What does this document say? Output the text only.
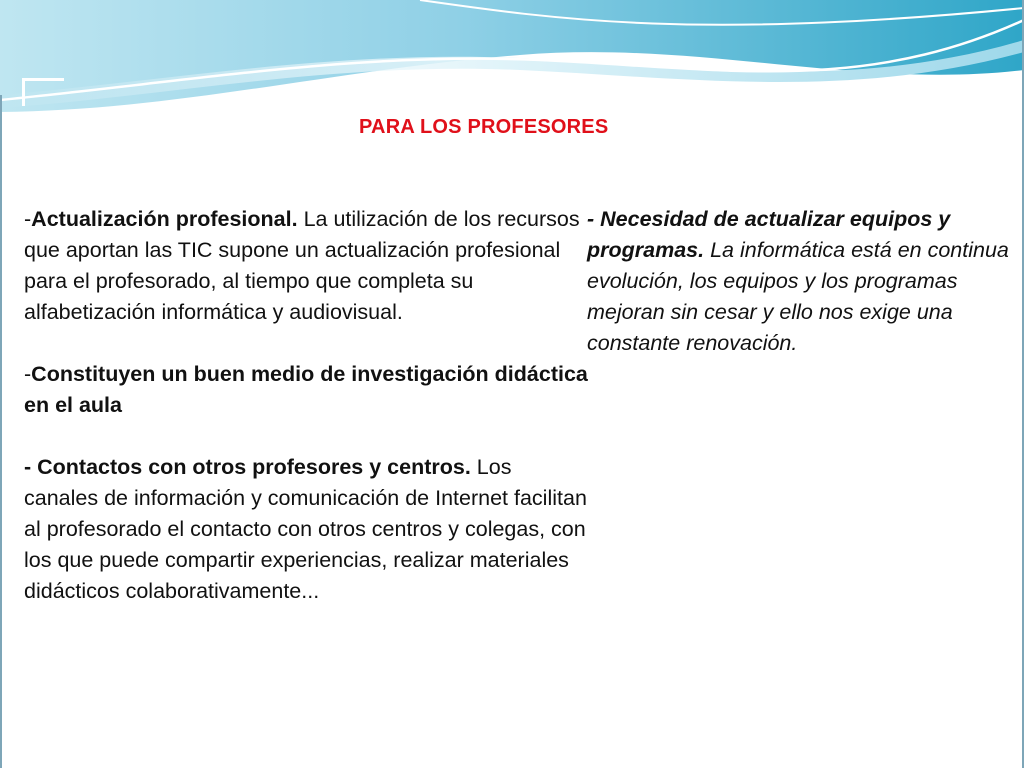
PARA LOS PROFESORES

-Actualización profesional. La utilización de los recursos que aportan las TIC supone un actualización profesional para el profesorado, al tiempo que completa su alfabetización informática y audiovisual.

-Constituyen un buen medio de investigación didáctica en el aula

- Contactos con otros profesores y centros. Los canales de información y comunicación de Internet facilitan al profesorado el contacto con otros centros y colegas, con los que puede compartir experiencias, realizar materiales didácticos colaborativamente...

- Necesidad de actualizar equipos y programas. La informática está en continua evolución, los equipos y los programas mejoran sin cesar y ello nos exige una constante renovación.
